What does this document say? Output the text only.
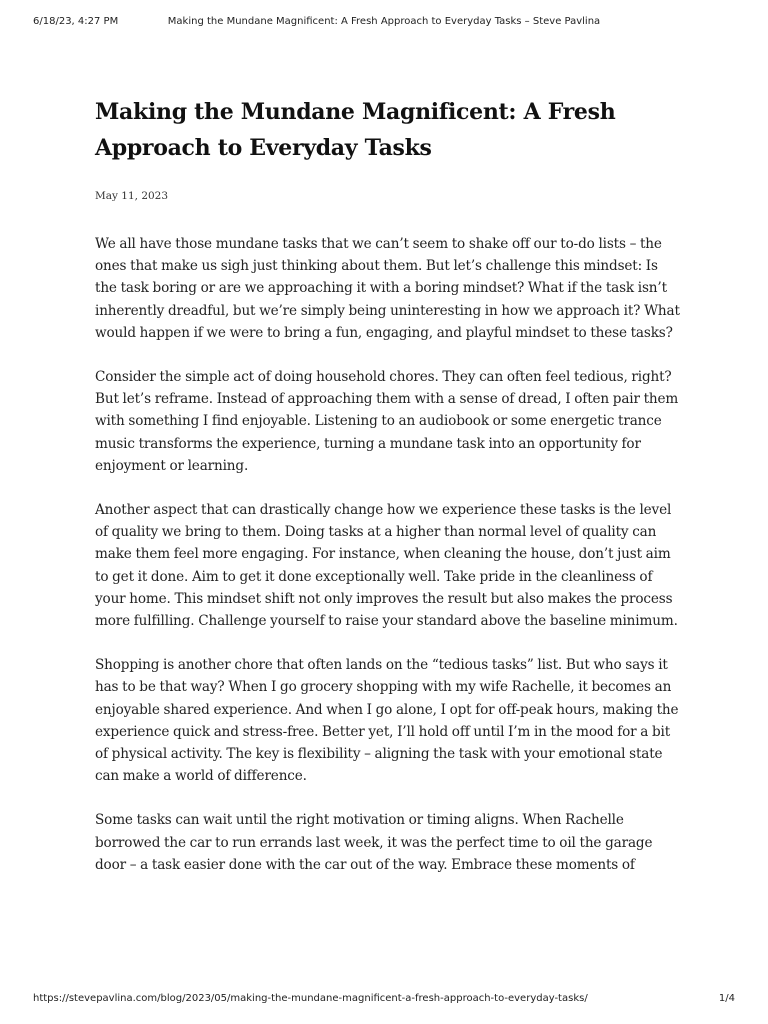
6/18/23, 4:27 PM	Making the Mundane Magnificent: A Fresh Approach to Everyday Tasks – Steve Pavlina
Making the Mundane Magnificent: A Fresh Approach to Everyday Tasks
May 11, 2023

We all have those mundane tasks that we can’t seem to shake off our to-do lists – the ones that make us sigh just thinking about them. But let’s challenge this mindset: Is the task boring or are we approaching it with a boring mindset? What if the task isn’t inherently dreadful, but we’re simply being uninteresting in how we approach it? What would happen if we were to bring a fun, engaging, and playful mindset to these tasks?

Consider the simple act of doing household chores. They can often feel tedious, right? But let’s reframe. Instead of approaching them with a sense of dread, I often pair them with something I find enjoyable. Listening to an audiobook or some energetic trance music transforms the experience, turning a mundane task into an opportunity for enjoyment or learning.

Another aspect that can drastically change how we experience these tasks is the level of quality we bring to them. Doing tasks at a higher than normal level of quality can make them feel more engaging. For instance, when cleaning the house, don’t just aim to get it done. Aim to get it done exceptionally well. Take pride in the cleanliness of your home. This mindset shift not only improves the result but also makes the process more fulfilling. Challenge yourself to raise your standard above the baseline minimum.

Shopping is another chore that often lands on the “tedious tasks” list. But who says it has to be that way? When I go grocery shopping with my wife Rachelle, it becomes an enjoyable shared experience. And when I go alone, I opt for off-peak hours, making the experience quick and stress-free. Better yet, I’ll hold off until I’m in the mood for a bit of physical activity. The key is flexibility – aligning the task with your emotional state can make a world of difference.

Some tasks can wait until the right motivation or timing aligns. When Rachelle borrowed the car to run errands last week, it was the perfect time to oil the garage door – a task easier done with the car out of the way. Embrace these moments of

https://stevepavlina.com/blog/2023/05/making-the-mundane-magnificent-a-fresh-approach-to-everyday-tasks/	1/4
